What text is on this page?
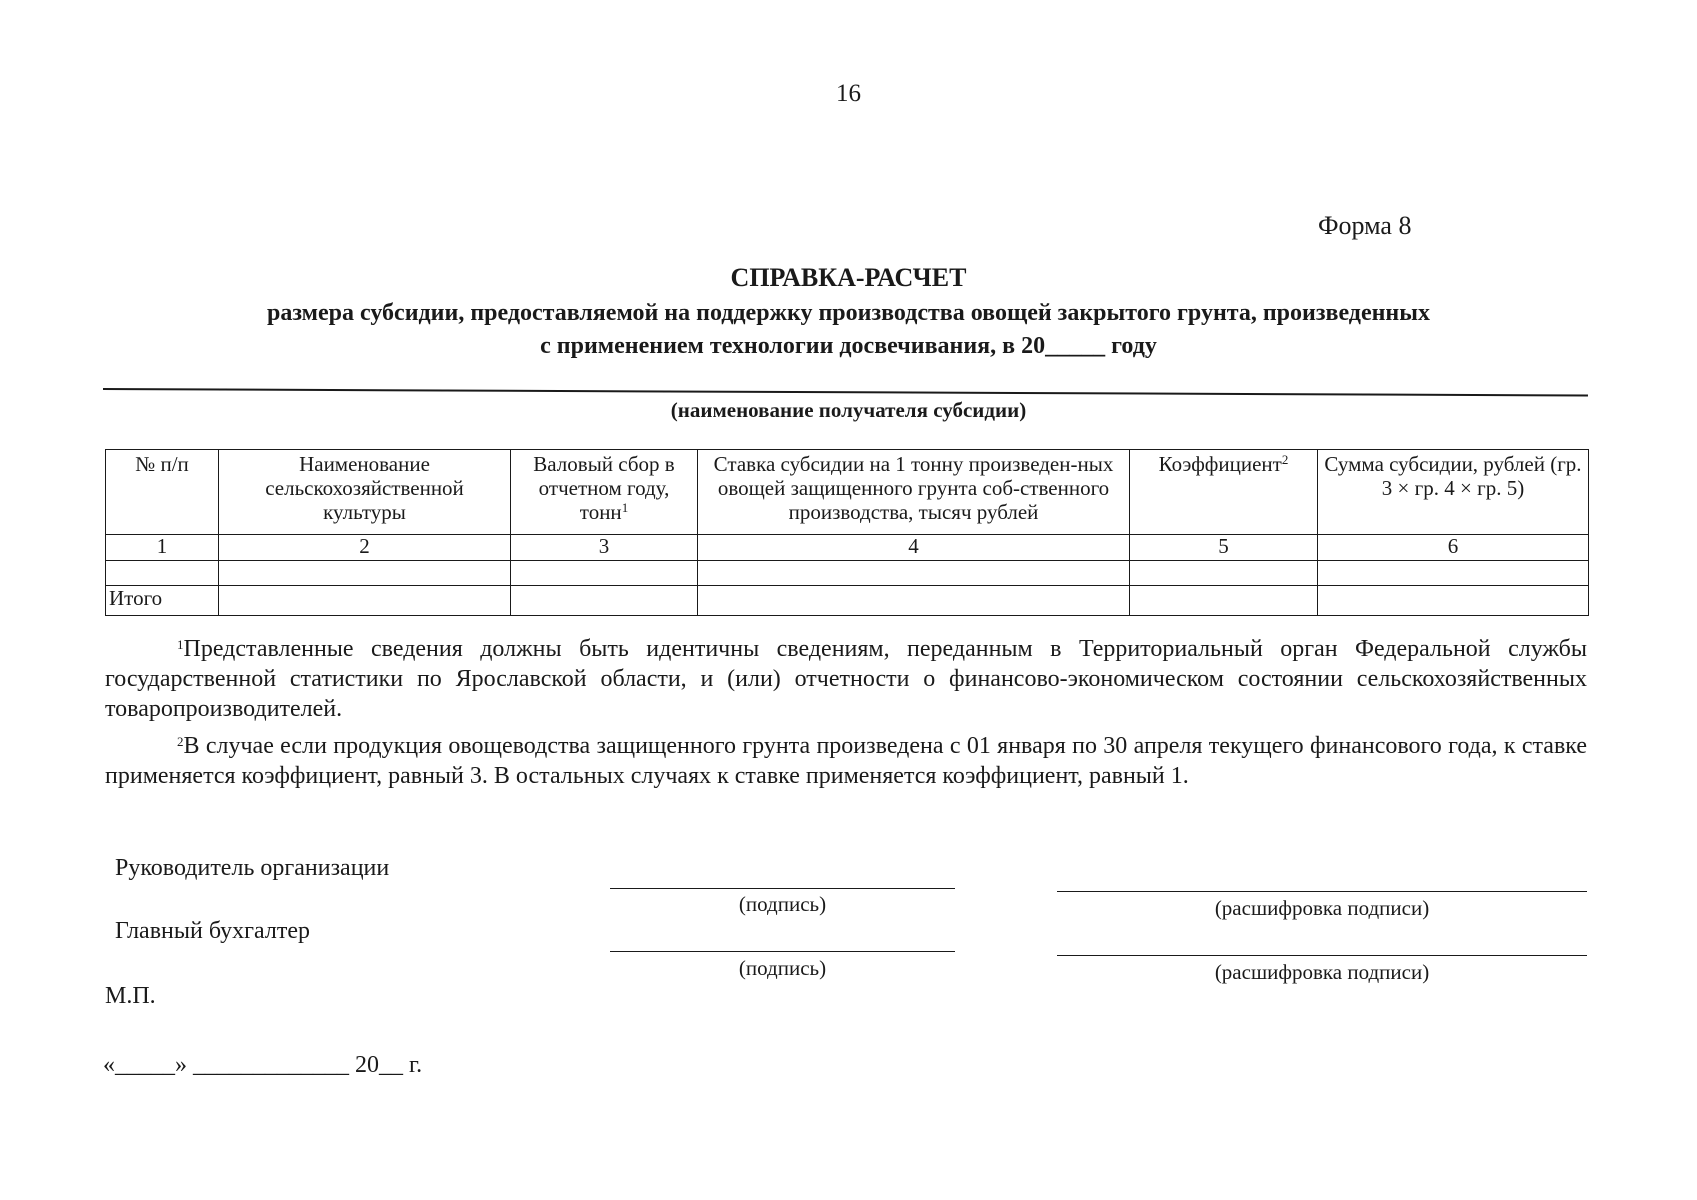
16
Форма 8
СПРАВКА-РАСЧЕТ
размера субсидии, предоставляемой на поддержку производства овощей закрытого грунта, произведенных
с применением технологии досвечивания, в 20_____ году
(наименование получателя субсидии)
№ п/п	Наименование сельскохозяйственной культуры	Валовый сбор в отчетном году, тонн$^1$	Ставка субсидии на 1 тонну произведен-ных овощей защищенного грунта соб-ственного производства, тысяч рублей	Коэффициент$^2$	Сумма субсидии, рублей (гр. 3 × гр. 4 × гр. 5)
1	2	3	4	5	6

Итого					
$^1$Представленные сведения должны быть идентичны сведениям, переданным в Территориальный орган Федеральной службы государственной статистики по Ярославской области, и (или) отчетности о финансово-экономическом состоянии сельскохозяйственных товаропроизводителей.
$^2$В случае если продукция овощеводства защищенного грунта произведена с 01 января по 30 апреля текущего финансового года, к ставке применяется коэффициент, равный 3. В остальных случаях к ставке применяется коэффициент, равный 1.
Руководитель организации
(подпись)	(расшифровка подписи)
Главный бухгалтер
(подпись)	(расшифровка подписи)
М.П.
«_____» _____________ 20__ г.
